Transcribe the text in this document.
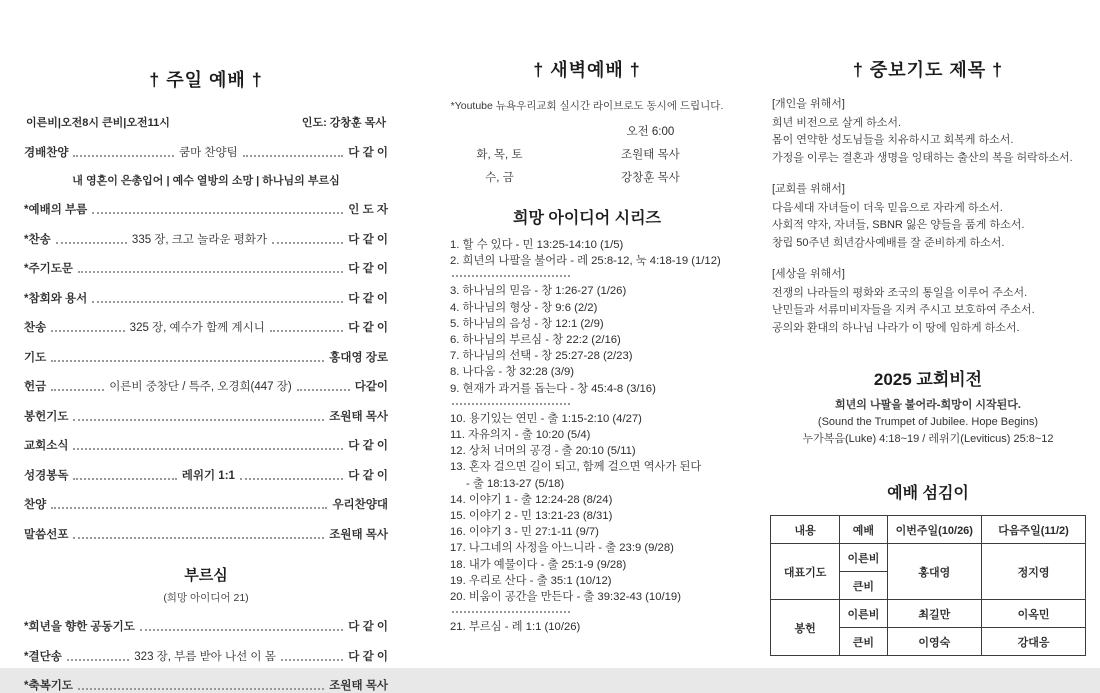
† 주일 예배 †
이른비|오전8시 큰비|오전11시	인도: 강창훈 목사
경배찬양	쿰마 찬양팀	다 같 이
내 영혼이 은총입어 | 예수 열방의 소망 | 하나님의 부르심
*예배의 부름	인 도 자
*찬송	335 장, 크고 놀라운 평화가	다 같 이
*주기도문	다 같 이
*참회와 용서	다 같 이
찬송	325 장, 예수가 함께 계시니	다 같 이
기도	홍대영 장로
헌금	이른비 중창단 / 특주, 오경희(447 장)	다같이
봉헌기도	조원태 목사
교회소식	다 같 이
성경봉독	레위기 1:1	다 같 이
찬양	우리찬양대
말씀선포	조원태 목사
부르심
(희망 아이디어 21)
*희년을 향한 공동기도	다 같 이
*결단송	323 장, 부름 받아 나선 이 몸	다 같 이
*축복기도	조원태 목사
† 새벽예배 †
*Youtube 뉴욕우리교회 실시간 라이브로도 동시에 드립니다.
오전 6:00
화, 목, 토	조원태 목사
수, 금	강창훈 목사
희망 아이디어 시리즈
1. 할 수 있다 - 민 13:25-14:10 (1/5)
2. 희년의 나팔을 불어라 - 레 25:8-12, 눅 4:18-19 (1/12)
3. 하나님의 믿음 - 창 1:26-27 (1/26)
4. 하나님의 형상 - 창 9:6 (2/2)
5. 하나님의 음성 - 창 12:1 (2/9)
6. 하나님의 부르심 - 창 22:2 (2/16)
7. 하나님의 선택 - 창 25:27-28 (2/23)
8. 나다움 - 창 32:28 (3/9)
9. 현재가 과거를 돕는다 - 창 45:4-8 (3/16)
10. 용기있는 연민 - 출 1:15-2:10 (4/27)
11. 자유의지 - 출 10:20 (5/4)
12. 상처 너머의 공경 - 출 20:10 (5/11)
13. 혼자 걸으면 길이 되고, 함께 걸으면 역사가 된다
- 출 18:13-27 (5/18)
14. 이야기 1 - 출 12:24-28 (8/24)
15. 이야기 2 - 민 13:21-23 (8/31)
16. 이야기 3 - 민 27:1-11 (9/7)
17. 나그네의 사정을 아느니라 - 출 23:9 (9/28)
18. 내가 예물이다 - 출 25:1-9 (9/28)
19. 우리로 산다 - 출 35:1 (10/12)
20. 비움이 공간을 만든다 - 출 39:32-43 (10/19)
21. 부르심 - 레 1:1 (10/26)
† 중보기도 제목 †
[개인을 위해서]
희년 비전으로 살게 하소서.
몸이 연약한 성도님들을 치유하시고 회복케 하소서.
가정을 이루는 결혼과 생명을 잉태하는 출산의 복을 허락하소서.
[교회를 위해서]
다음세대 자녀들이 더욱 믿음으로 자라게 하소서.
사회적 약자, 자녀들, SBNR 잃은 양들을 품게 하소서.
창립 50주년 희년감사예배를 잘 준비하게 하소서.
[세상을 위해서]
전쟁의 나라들의 평화와 조국의 통일을 이루어 주소서.
난민들과 서류미비자들을 지켜 주시고 보호하여 주소서.
공의와 환대의 하나님 나라가 이 땅에 임하게 하소서.
2025 교회비전
희년의 나팔을 불어라-희망이 시작된다.
(Sound the Trumpet of Jubilee. Hope Begins)
누가복음(Luke) 4:18~19 / 레위기(Leviticus) 25:8~12
예배 섬김이
내용	예배	이번주일(10/26)	다음주일(11/2)
대표기도	이른비	홍대영	정지영
	큰비		
봉헌	이른비	최길만	이옥민
	큰비	이영숙	강대응
